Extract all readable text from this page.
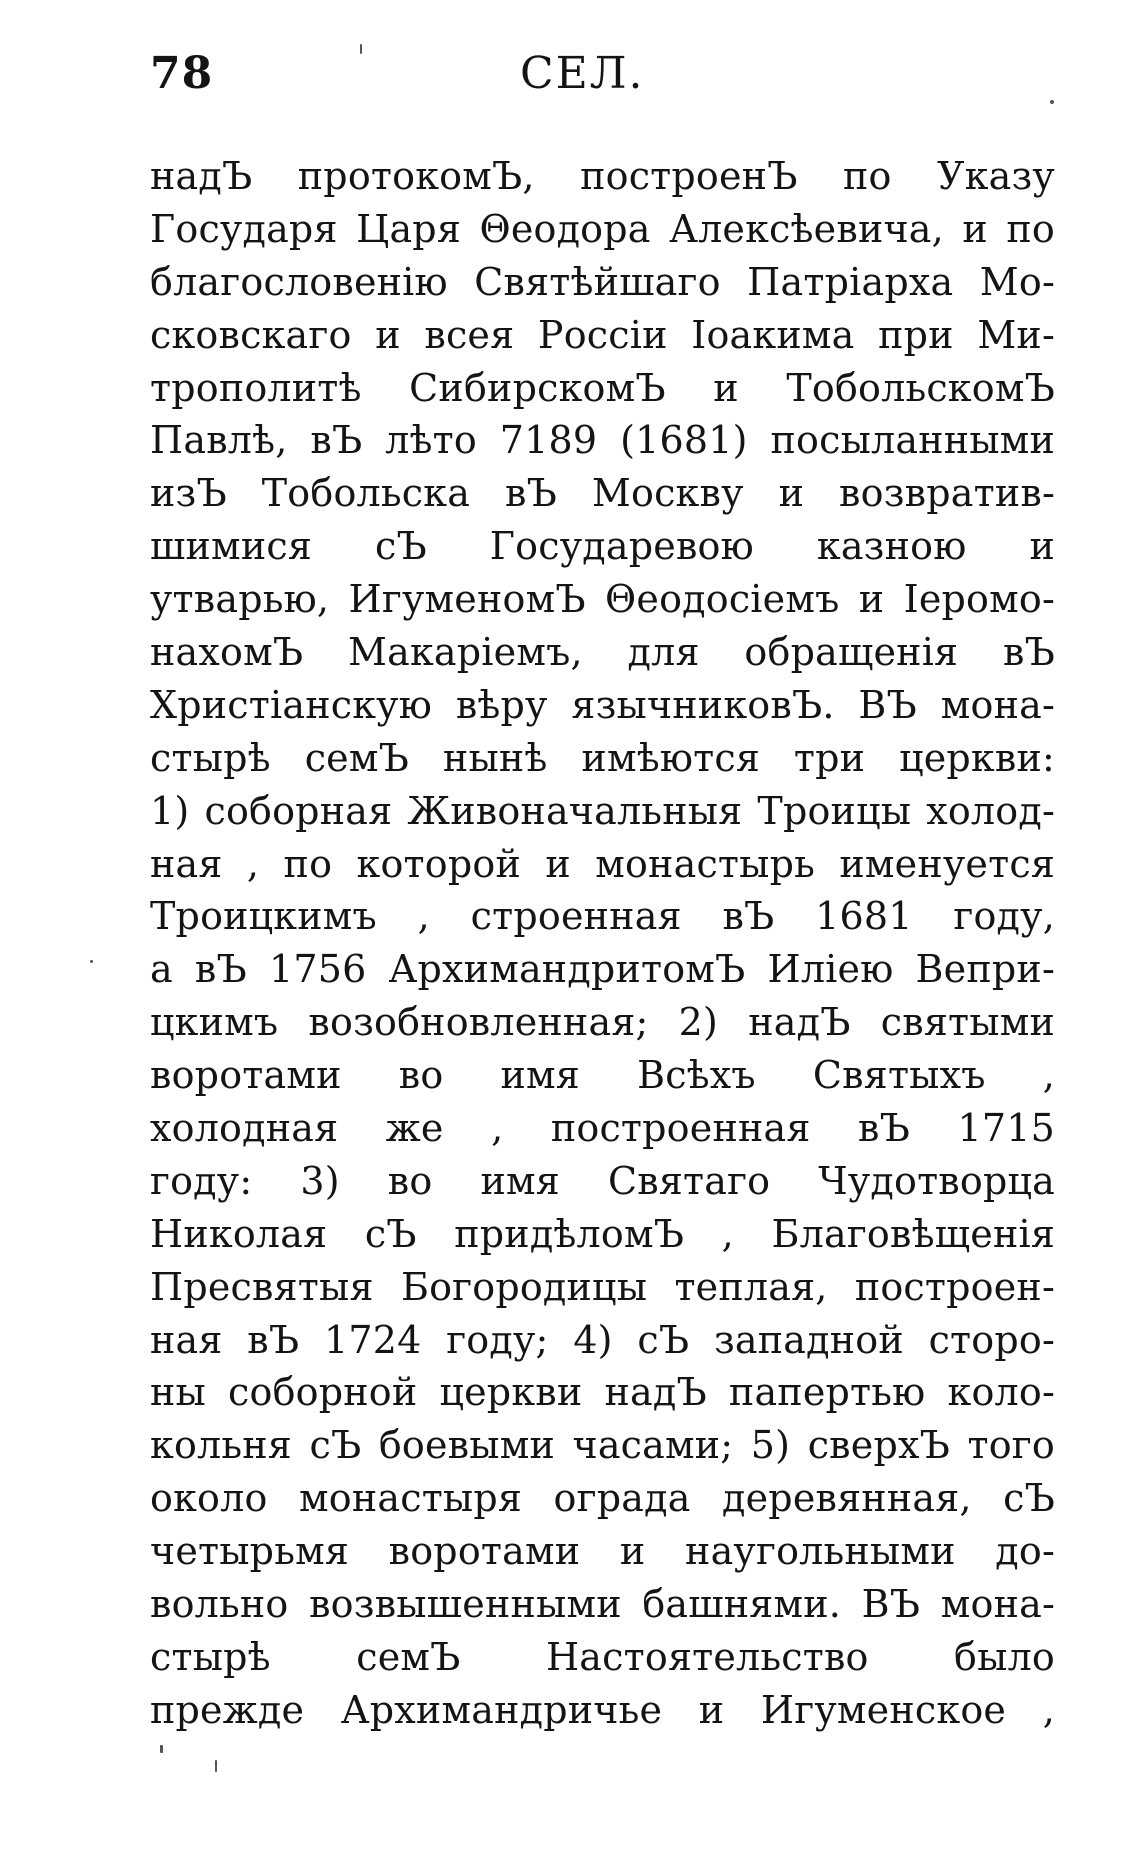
78	СЕЛ.
надЪ протокомЪ, построенЪ по Указу
Государя Царя Θеодора Алексѣевича, и по
благословенію Святѣйшаго Патріарха Мо-
сковскаго и всея Россіи Іоакима при Ми-
трополитѣ СибирскомЪ и ТобольскомЪ
Павлѣ, вЪ лѣто 7189 (1681) посыланными
изЪ Тобольска вЪ Москву и возвратив-
шимися сЪ Государевою казною и
утварью, ИгуменомЪ Θеодосіемъ и Іеромо-
нахомЪ Макаріемъ, для обращенія вЪ
Христіанскую вѣру язычниковЪ. ВЪ мона-
стырѣ семЪ нынѣ имѣются три церкви:
1) соборная Живоначальныя Троицы холод-
ная , по которой и монастырь именуется
Троицкимъ , строенная вЪ 1681 году,
а вЪ 1756 АрхимандритомЪ Иліею Вепри-
цкимъ возобновленная; 2) надЪ святыми
воротами во имя Всѣхъ Святыхъ ,
холодная же , построенная вЪ 1715
году: 3) во имя Святаго Чудотворца
Николая сЪ придѣломЪ , Благовѣщенія
Пресвятыя Богородицы теплая, построен-
ная вЪ 1724 году; 4) сЪ западной сторо-
ны соборной церкви надЪ папертью коло-
кольня сЪ боевыми часами; 5) сверхЪ того
около монастыря ограда деревянная, сЪ
четырьмя воротами и наугольными до-
вольно возвышенными башнями. ВЪ мона-
стырѣ семЪ Настоятельство было
прежде Архимандричье и Игуменское ,
